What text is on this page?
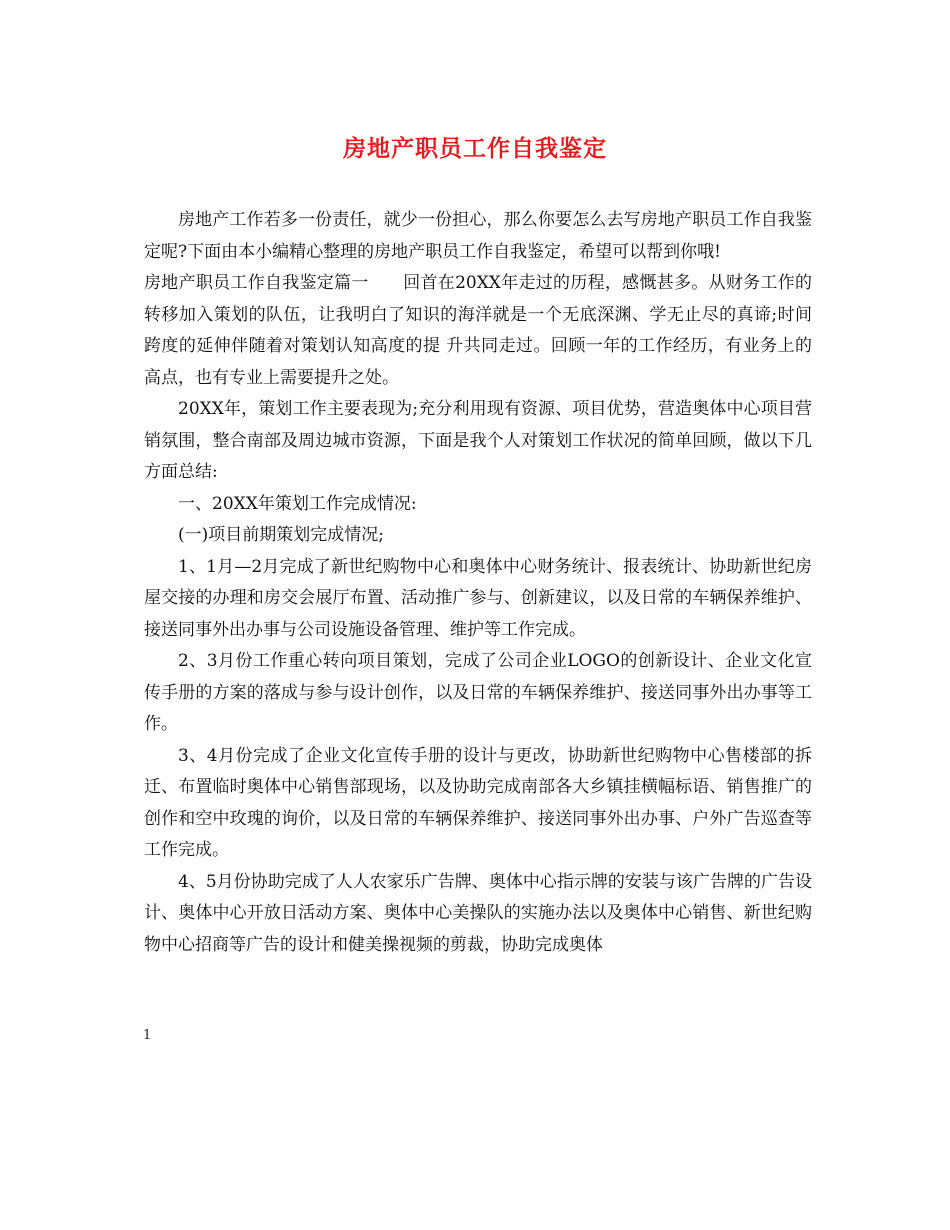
房地产职员工作自我鉴定

房地产工作若多一份责任，就少一份担心，那么你要怎么去写房地产职员工作自我鉴定呢?下面由本小编精心整理的房地产职员工作自我鉴定，希望可以帮到你哦!

房地产职员工作自我鉴定篇一　　回首在20XX年走过的历程，感慨甚多。从财务工作的转移加入策划的队伍，让我明白了知识的海洋就是一个无底深渊、学无止尽的真谛;时间跨度的延伸伴随着对策划认知高度的提 升共同走过。回顾一年的工作经历，有业务上的高点，也有专业上需要提升之处。

20XX年，策划工作主要表现为;充分利用现有资源、项目优势，营造奥体中心项目营销氛围，整合南部及周边城市资源，下面是我个人对策划工作状况的简单回顾，做以下几方面总结:

一、20XX年策划工作完成情况:

(一)项目前期策划完成情况;

1、1月—2月完成了新世纪购物中心和奥体中心财务统计、报表统计、协助新世纪房屋交接的办理和房交会展厅布置、活动推广参与、创新建议，以及日常的车辆保养维护、接送同事外出办事与公司设施设备管理、维护等工作完成。

2、3月份工作重心转向项目策划，完成了公司企业LOGO的创新设计、企业文化宣传手册的方案的落成与参与设计创作，以及日常的车辆保养维护、接送同事外出办事等工作。

3、4月份完成了企业文化宣传手册的设计与更改，协助新世纪购物中心售楼部的拆迁、布置临时奥体中心销售部现场，以及协助完成南部各大乡镇挂横幅标语、销售推广的创作和空中玫瑰的询价，以及日常的车辆保养维护、接送同事外出办事、户外广告巡查等工作完成。

4、5月份协助完成了人人农家乐广告牌、奥体中心指示牌的安装与该广告牌的广告设计、奥体中心开放日活动方案、奥体中心美操队的实施办法以及奥体中心销售、新世纪购物中心招商等广告的设计和健美操视频的剪裁，协助完成奥体

1
